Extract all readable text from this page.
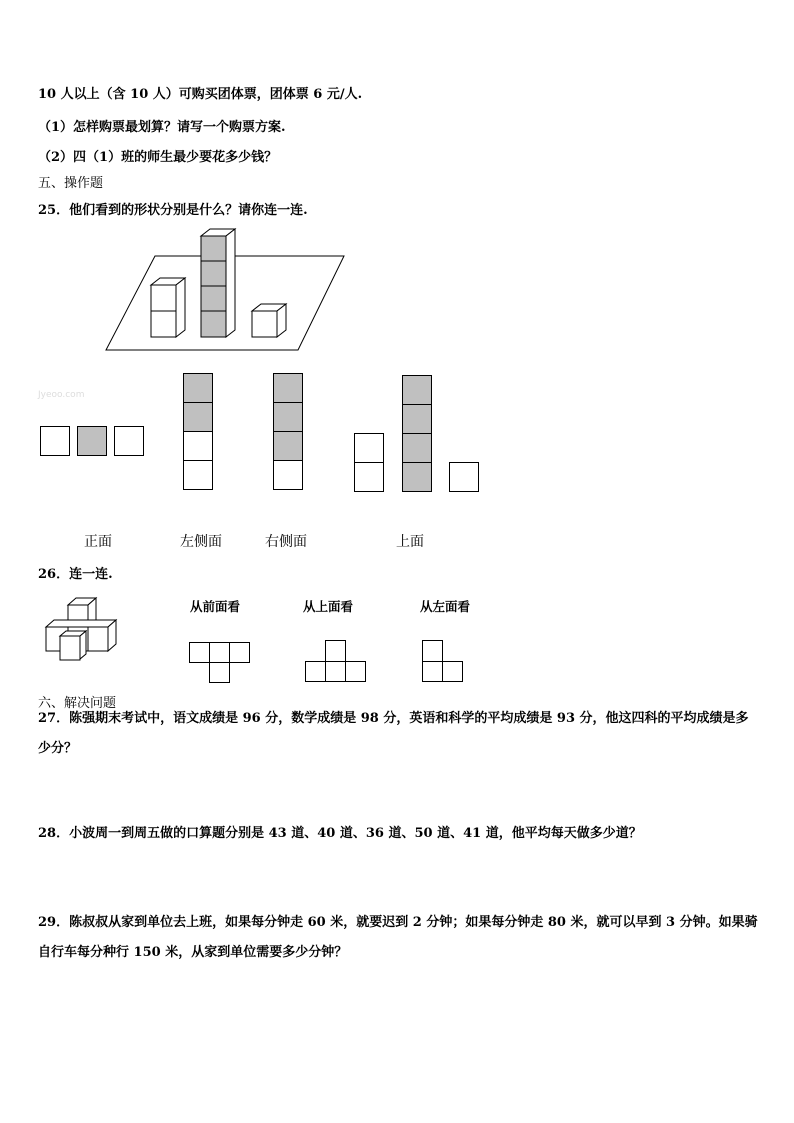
10 人以上（含 10 人）可购买团体票，团体票 6 元/人.
（1）怎样购票最划算？请写一个购票方案.
（2）四（1）班的师生最少要花多少钱？
五、操作题
25．他们看到的形状分别是什么？请你连一连.
Jyeoo.com
正面	左侧面	右侧面	上面
26．连一连.
从前面看	从上面看	从左面看
六、解决问题
27．陈强期末考试中，语文成绩是 96 分，数学成绩是 98 分，英语和科学的平均成绩是 93 分，他这四科的平均成绩是多少分？
28．小波周一到周五做的口算题分别是 43 道、40 道、36 道、50 道、41 道，他平均每天做多少道？
29．陈叔叔从家到单位去上班，如果每分钟走 60 米，就要迟到 2 分钟；如果每分钟走 80 米，就可以早到 3 分钟。如果骑自行车每分种行 150 米，从家到单位需要多少分钟？
